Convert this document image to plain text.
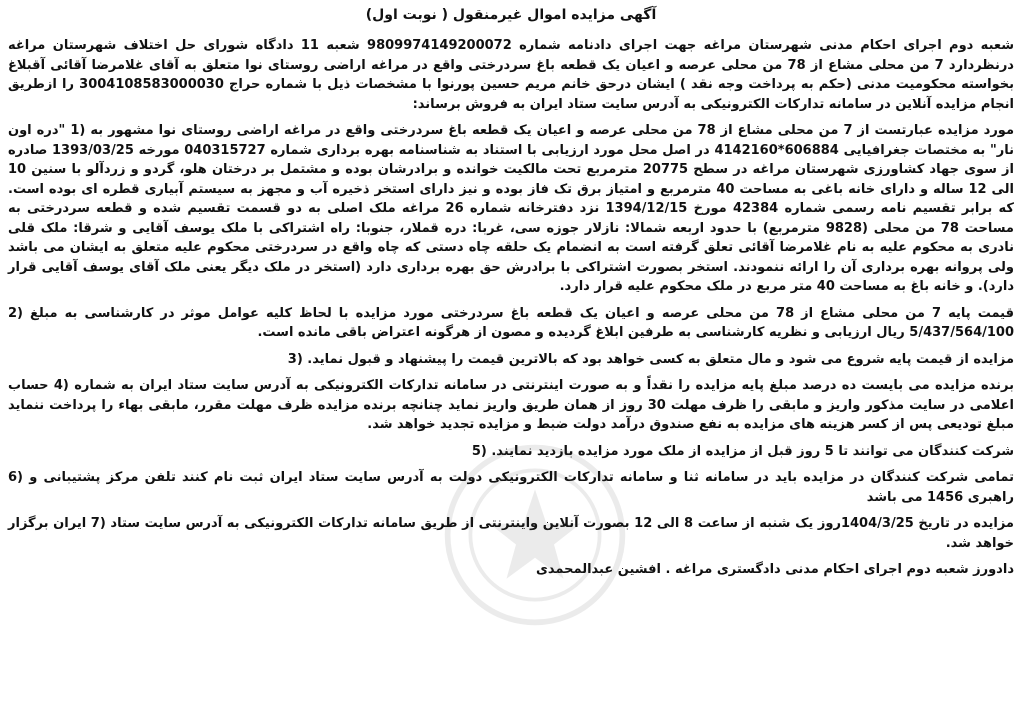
آگهی مزایده اموال غیرمنقول ( نوبت اول)

شعبه دوم اجرای احکام مدنی شهرستان مراغه جهت اجرای دادنامه شماره 9809974149200072 شعبه 11 دادگاه شورای حل اختلاف شهرستان مراغه درنظردارد 7 من محلی مشاع از 78 من محلی عرصه و اعیان یک قطعه باغ سردرختی واقع در مراغه اراضی روستای نوا متعلق به آقای غلامرضا آقائی آقبلاغ بخواسته محکومیت مدنی (حکم به پرداخت وجه نقد ) ایشان درحق خانم مریم حسین پورنوا با مشخصات ذیل با شماره حراج 3004108583000030 را ازطریق انجام مزایده آنلاین در سامانه تدارکات الکترونیکی به آدرس سایت ستاد ایران به فروش برساند:

مورد مزایده عبارتست از 7 من محلی مشاع از 78 من محلی عرصه و اعیان یک قطعه باغ سردرختی واقع در مراغه اراضی روستای نوا مشهور به (1 "دره اون نار" به مختصات جغرافیایی 606884*4142160 در اصل محل مورد ارزیابی با استناد به شناسنامه بهره برداری شماره 040315727 مورخه 1393/03/25 صادره از سوی جهاد کشاورزی شهرستان مراغه در سطح 20775 مترمربع تحت مالکیت خوانده و برادرشان بوده و مشتمل بر درختان هلو، گردو و زردآلو با سنین 10 الی 12 ساله و دارای خانه باغی به مساحت 40 مترمربع و امتیاز برق تک فاز بوده و نیز دارای استخر ذخیره آب و مجهز به سیستم آبیاری قطره ای بوده است. که برابر تقسیم نامه رسمی شماره 42384 مورخ 1394/12/15 نزد دفترخانه شماره 26 مراغه ملک اصلی به دو قسمت تقسیم شده و قطعه سردرختی به مساحت 78 من محلی (9828 مترمربع) با حدود اربعه شمالا: نازلار جوزه سی، غربا: دره قملار، جنوبا: راه اشتراکی با ملک یوسف آقایی و شرقا: ملک قلی نادری به محکوم علیه به نام غلامرضا آقائی تعلق گرفته است به انضمام یک حلقه چاه دستی که چاه واقع در سردرختی محکوم علیه متعلق به ایشان می باشد ولی پروانه بهره برداری آن را ارائه ننمودند. استخر بصورت اشتراکی با برادرش حق بهره برداری دارد (استخر در ملک دیگر یعنی ملک آقای یوسف آقایی قرار دارد). و خانه باغ به مساحت 40 متر مربع در ملک محکوم علیه قرار دارد.

قیمت پایه 7 من محلی مشاع از 78 من محلی عرصه و اعیان یک قطعه باغ سردرختی مورد مزایده با لحاظ کلیه عوامل موثر در کارشناسی به مبلغ (2 5/437/564/100 ریال ارزیابی و نظریه کارشناسی به طرفین ابلاغ گردیده و مصون از هرگونه اعتراض باقی مانده است.

مزایده از قیمت پایه شروع می شود و مال متعلق به کسی خواهد بود که بالاترین قیمت را پیشنهاد و قبول نماید. (3

برنده مزایده می بایست ده درصد مبلغ پایه مزایده را نقداً و به صورت اینترنتی در سامانه تدارکات الکترونیکی به آدرس سایت ستاد ایران به شماره (4 حساب اعلامی در سایت مذکور واریز و مابقی را ظرف مهلت 30 روز از همان طریق واریز نماید چنانچه برنده مزایده ظرف مهلت مقرر، مابقی بهاء را پرداخت ننماید مبلغ تودیعی پس از کسر هزینه های مزایده به نفع صندوق درآمد دولت ضبط و مزایده تجدید خواهد شد.

شرکت کنندگان می توانند تا 5 روز قبل از مزایده از ملک مورد مزایده بازدید نمایند. (5

تمامی شرکت کنندگان در مزایده باید در سامانه ثنا و سامانه تدارکات الکترونیکی دولت به آدرس سایت ستاد ایران ثبت نام کنند تلفن مرکز پشتیبانی و (6 راهبری 1456 می باشد

مزایده در تاریخ 1404/3/25روز یک شنبه از ساعت 8 الی 12 بصورت آنلاین واینترنتی از طریق سامانه تدارکات الکترونیکی به آدرس سایت ستاد (7 ایران برگزار خواهد شد.

دادورز شعبه دوم اجرای احکام مدنی دادگستری مراغه . افشین عبدالمحمدی
